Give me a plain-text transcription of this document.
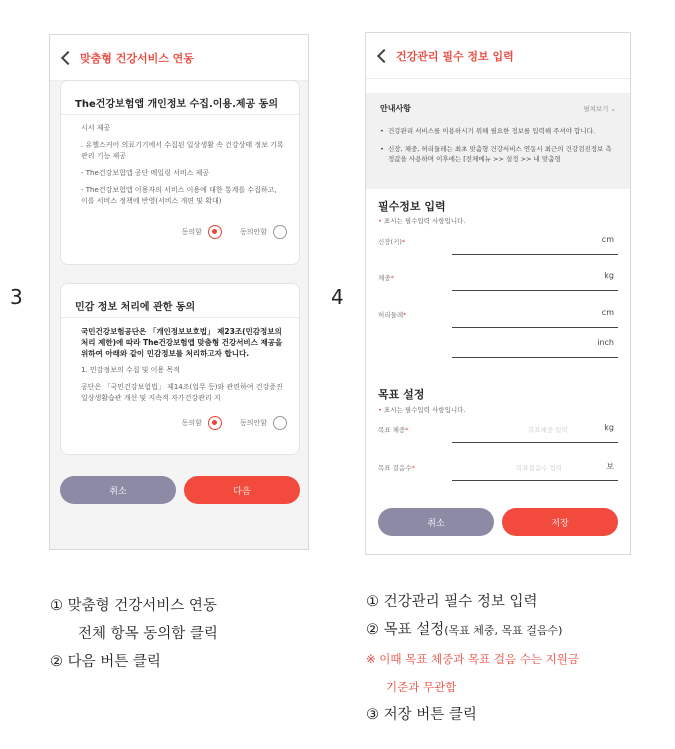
3	4
맞춤형 건강서비스 연동
The건강보험앱 개인정보 수집.이용.제공 동의

시서 제공

. 유헬스커어 의료기기에서 수집된 일상생활 속 건강상태 정보 기록관리 기능 제공

- The건강보험앱 공단 메일링 서비스 제공

- The건강보험앱 이용자의 서비스 이용에 대한 통계를 수집하고, 이를 서비스 정책에 반영(서비스 개편 및 확대)

동의함	동의안함
민감 정보 처리에 관한 동의

국민건강보험공단은 「개인정보보호법」 제23조(민감정보의 처리 제한)에 따라 The건강보험앱 맞춤형 건강서비스 제공을 위하여 아래와 같이 민감정보를 처리하고자 합니다.

1. 민감정보의 수집 및 이용 목적

공단은 「국민건강보험법」 제14조(업무 등)와 관련하여 건강증진 일상생활습관 개선 및 지속적 자가건강관리 지

동의함	동의안함
취소	다음
건강관리 필수 정보 입력
안내사항	펼쳐보기 ⌄
• 건강관리 서비스를 이용하시기 위해 필요한 정보를 입력해 주셔야 합니다.
• 신장, 체중, 허리둘레는 최초 맞춤형 건강서비스 연동시 최근의 건강검진정보 측정값을 사용하며 이후에는 [전체메뉴 >> 설정 >> 내 맞춤형
필수정보 입력
• 표시는 필수입력 사항입니다.
신장(키)*	cm
체중*	kg
허리둘레*	cm
inch
목표 설정
• 표시는 필수입력 사항입니다.
목표 체중*	목표체중 입력	kg
목표 걸음수*	목표걸음수 입력	보
취소	저장
① 맞춤형 건강서비스 연동
전체 항목 동의함 클릭
② 다음 버튼 클릭
① 건강관리 필수 정보 입력
② 목표 설정(목표 체중, 목표 걸음수)
※ 이때 목표 체중과 목표 걸음 수는 지원금
기준과 무관함
③ 저장 버튼 클릭
